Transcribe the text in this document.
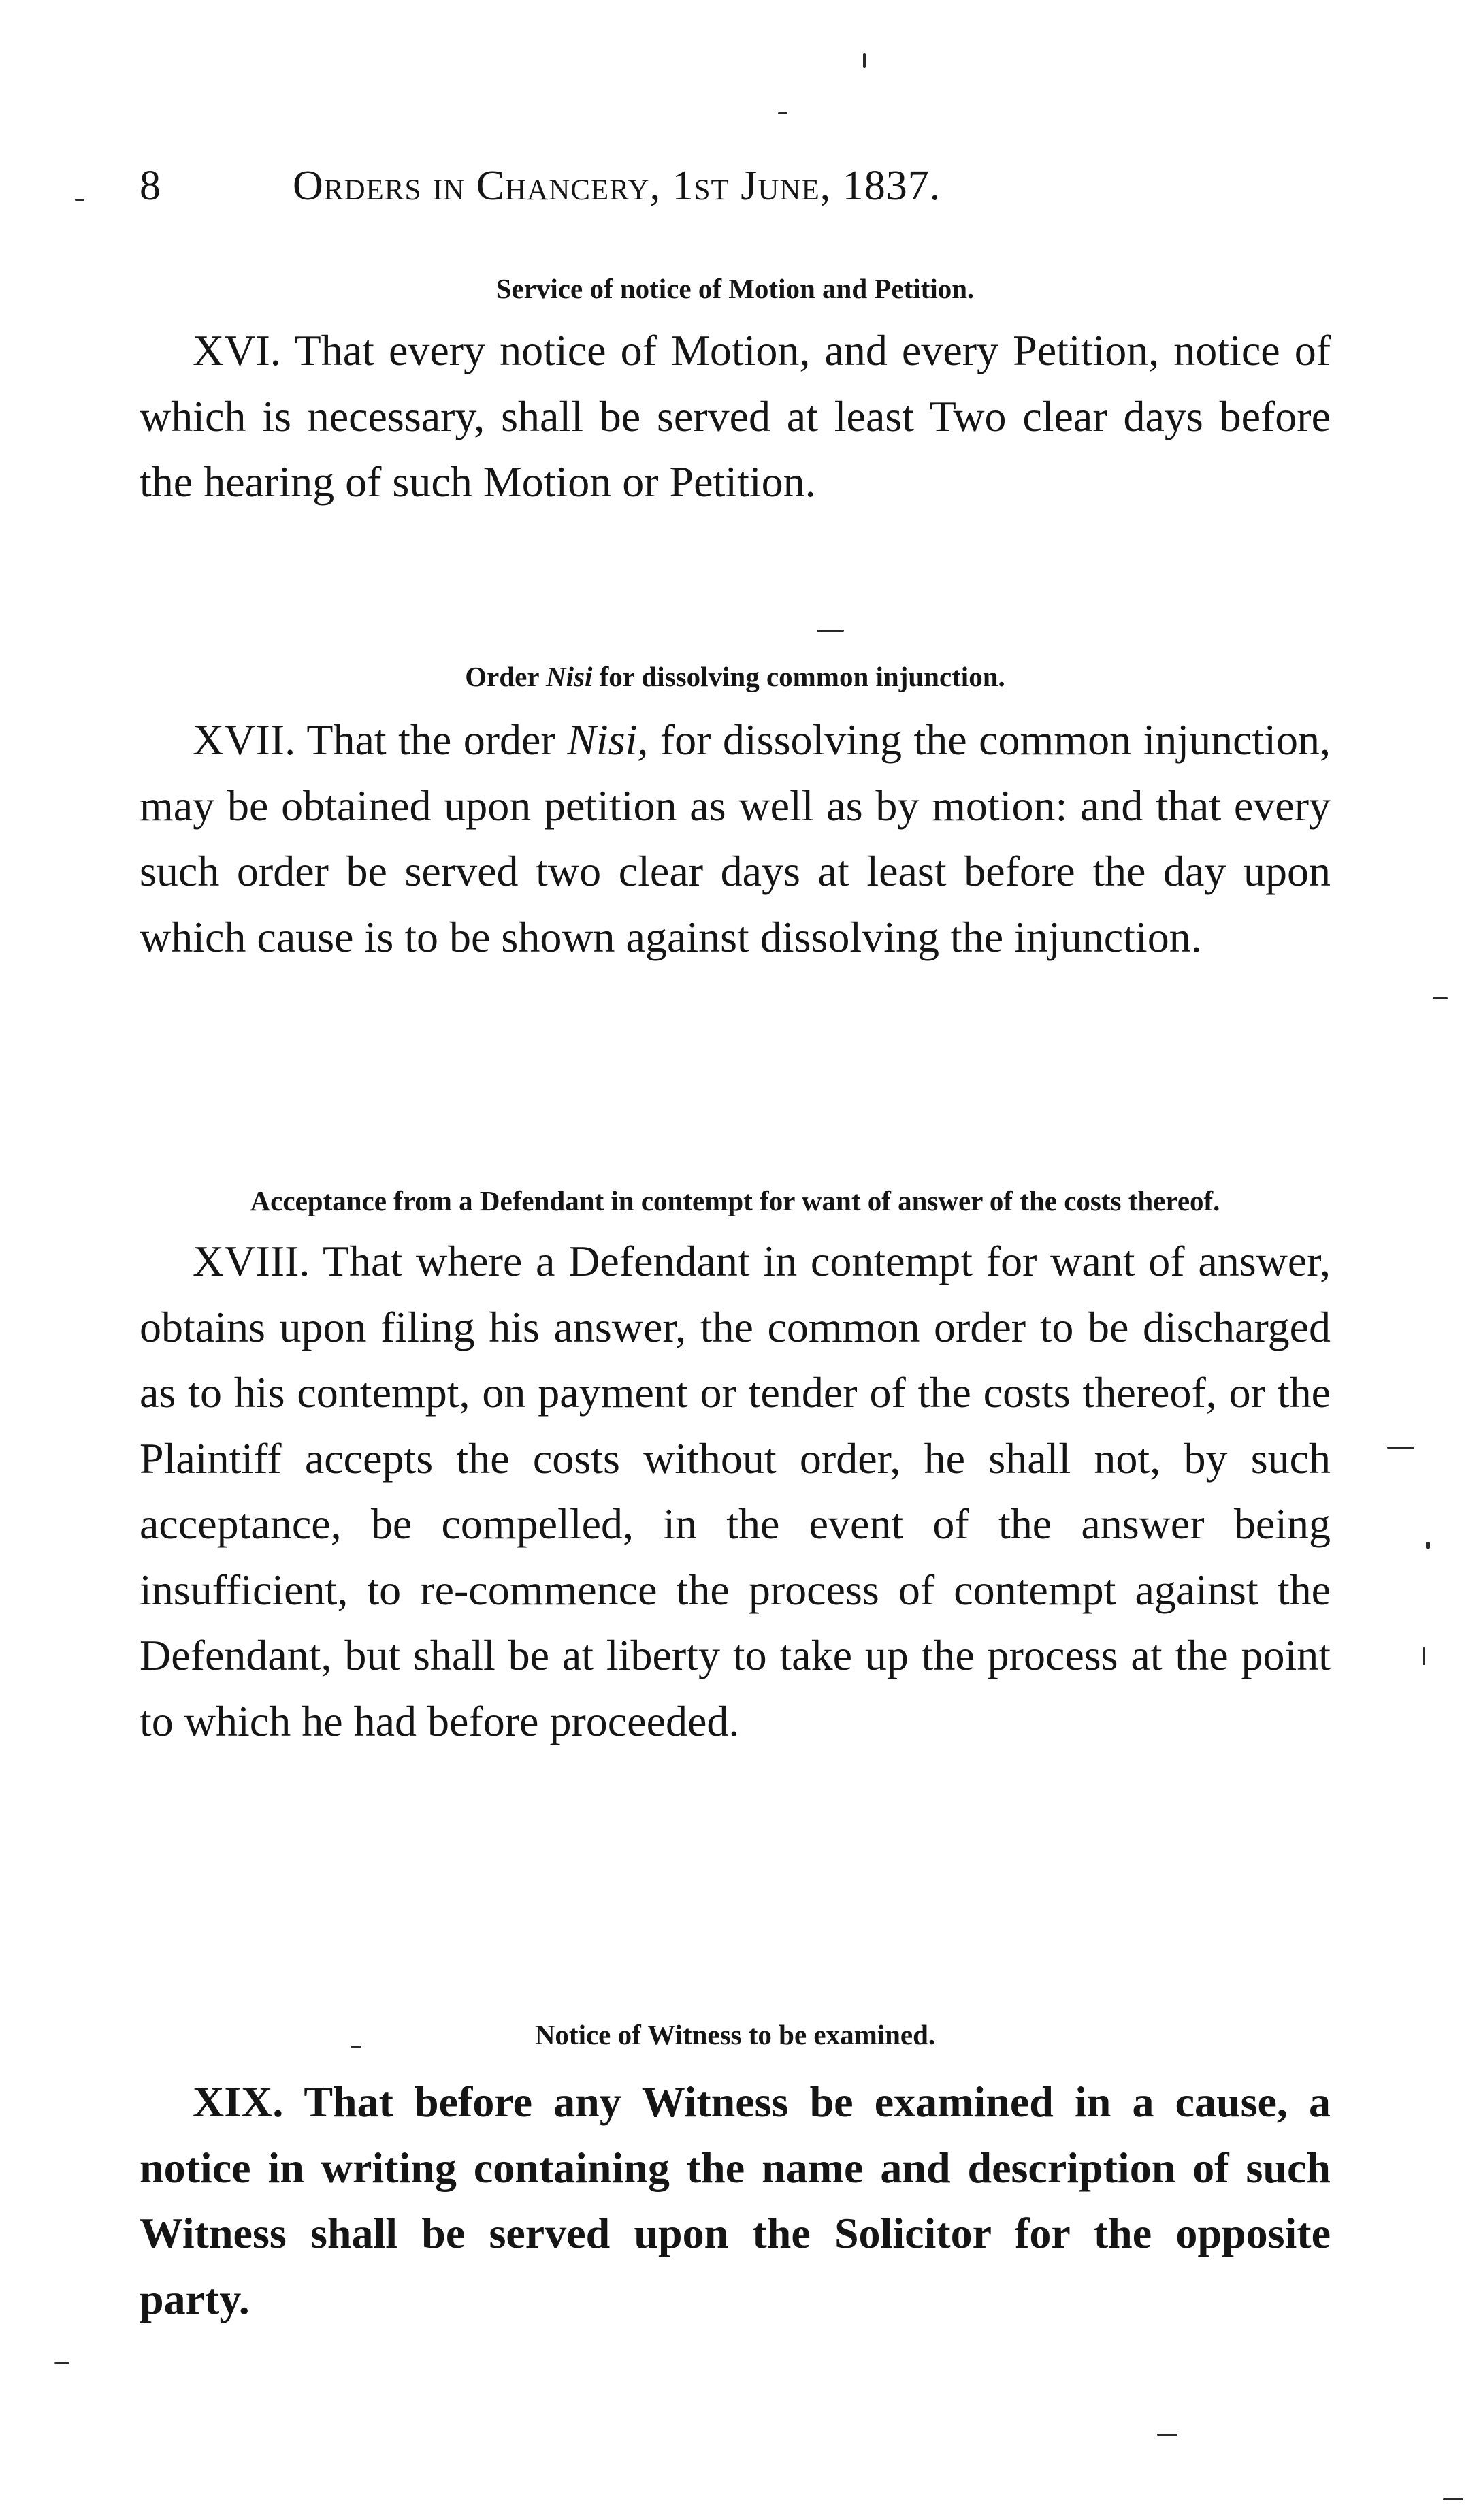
8	Orders in Chancery, 1st June, 1837.
Service of notice of Motion and Petition.
XVI. That every notice of Motion, and every Petition, notice of which is necessary, shall be served at least Two clear days before the hearing of such Motion or Petition.
Order Nisi for dissolving common injunction.
XVII. That the order Nisi, for dissolving the common injunction, may be obtained upon petition as well as by motion: and that every such order be served two clear days at least before the day upon which cause is to be shown against dissolving the injunction.
Acceptance from a Defendant in contempt for want of answer of the costs thereof.
XVIII. That where a Defendant in contempt for want of answer, obtains upon filing his answer, the common order to be discharged as to his contempt, on payment or tender of the costs thereof, or the Plaintiff accepts the costs without order, he shall not, by such acceptance, be compelled, in the event of the answer being insufficient, to re-commence the process of contempt against the Defendant, but shall be at liberty to take up the process at the point to which he had before proceeded.
Notice of Witness to be examined.
XIX. That before any Witness be examined in a cause, a notice in writing containing the name and description of such Witness shall be served upon the Solicitor for the opposite party.
